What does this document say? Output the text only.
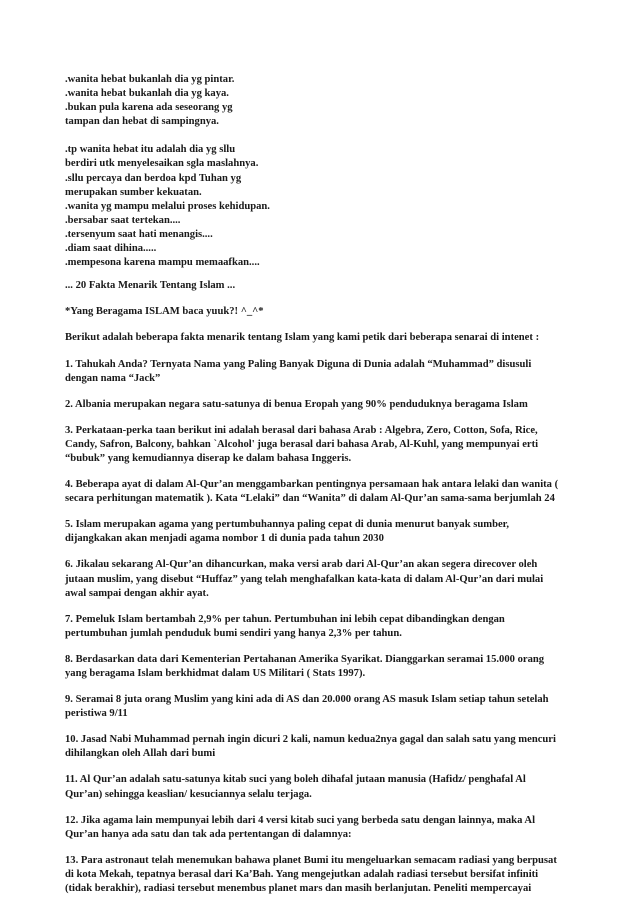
.wanita hebat bukanlah dia yg pintar.
.wanita hebat bukanlah dia yg kaya.
.bukan pula karena ada seseorang yg
tampan dan hebat di sampingnya.
.tp wanita hebat itu adalah dia yg sllu
berdiri utk menyelesaikan sgla maslahnya.
.sllu percaya dan berdoa kpd Tuhan yg
merupakan sumber kekuatan.
.wanita yg mampu melalui proses kehidupan.
.bersabar saat tertekan....
.tersenyum saat hati menangis....
.diam saat dihina.....
.mempesona karena mampu memaafkan....
... 20 Fakta Menarik Tentang Islam ...
*Yang Beragama ISLAM baca yuuk?! ^_^*
Berikut adalah beberapa fakta menarik tentang Islam yang kami petik dari beberapa senarai di intenet :
1. Tahukah Anda? Ternyata Nama yang Paling Banyak Diguna di Dunia adalah “Muhammad” disusuli
dengan nama “Jack”
2. Albania merupakan negara satu-satunya di benua Eropah yang 90% penduduknya beragama Islam
3. Perkataan-perka taan berikut ini adalah berasal dari bahasa Arab : Algebra, Zero, Cotton, Sofa, Rice,
Candy, Safron, Balcony, bahkan `Alcohol' juga berasal dari bahasa Arab, Al-Kuhl, yang mempunyai erti
“bubuk” yang kemudiannya diserap ke dalam bahasa Inggeris.
4. Beberapa ayat di dalam Al-Qur’an menggambarkan pentingnya persamaan hak antara lelaki dan wanita (
secara perhitungan matematik ). Kata “Lelaki” dan “Wanita” di dalam Al-Qur’an sama-sama berjumlah 24
5. Islam merupakan agama yang pertumbuhannya paling cepat di dunia menurut banyak sumber,
dijangkakan akan menjadi agama nombor 1 di dunia pada tahun 2030
6. Jikalau sekarang Al-Qur’an dihancurkan, maka versi arab dari Al-Qur’an akan segera direcover oleh
jutaan muslim, yang disebut “Huffaz” yang telah menghafalkan kata-kata di dalam Al-Qur’an dari mulai
awal sampai dengan akhir ayat.
7. Pemeluk Islam bertambah 2,9% per tahun. Pertumbuhan ini lebih cepat dibandingkan dengan
pertumbuhan jumlah penduduk bumi sendiri yang hanya 2,3% per tahun.
8. Berdasarkan data dari Kementerian Pertahanan Amerika Syarikat. Dianggarkan seramai 15.000 orang
yang beragama Islam berkhidmat dalam US Militari ( Stats 1997).
9. Seramai 8 juta orang Muslim yang kini ada di AS dan 20.000 orang AS masuk Islam setiap tahun setelah
peristiwa 9/11
10. Jasad Nabi Muhammad pernah ingin dicuri 2 kali, namun kedua2nya gagal dan salah satu yang mencuri
dihilangkan oleh Allah dari bumi
11. Al Qur’an adalah satu-satunya kitab suci yang boleh dihafal jutaan manusia (Hafidz/ penghafal Al
Qur’an) sehingga keaslian/ kesuciannya selalu terjaga.
12. Jika agama lain mempunyai lebih dari 4 versi kitab suci yang berbeda satu dengan lainnya, maka Al
Qur’an hanya ada satu dan tak ada pertentangan di dalamnya:
13. Para astronaut telah menemukan bahawa planet Bumi itu mengeluarkan semacam radiasi yang berpusat
di kota Mekah, tepatnya berasal dari Ka’Bah. Yang mengejutkan adalah radiasi tersebut bersifat infiniti
(tidak berakhir), radiasi tersebut menembus planet mars dan masih berlanjutan. Peneliti mempercayai
